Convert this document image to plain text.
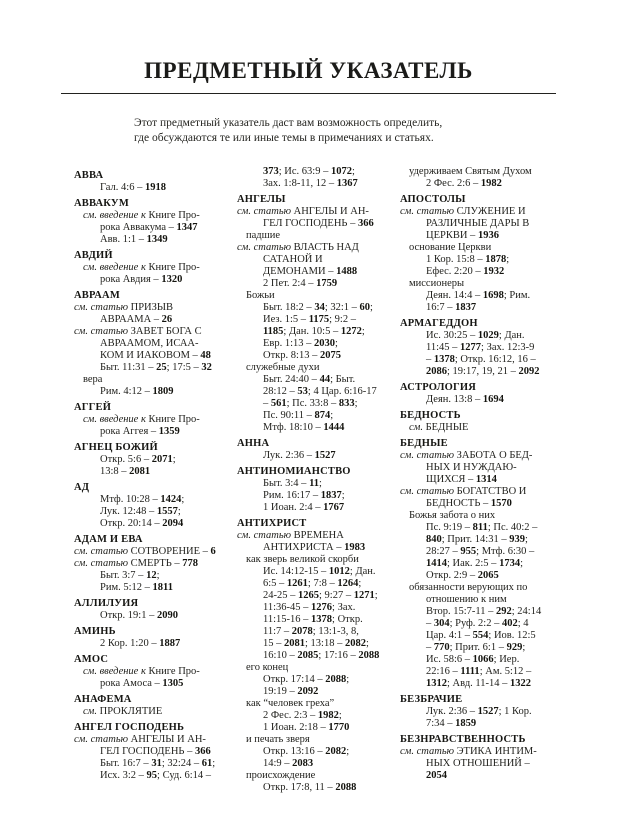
ПРЕДМЕТНЫЙ УКАЗАТЕЛЬ

Этот предметный указатель даст вам возможность определить,

где обсуждаются те или иные темы в примечаниях и статьях.

АВВА
Гал. 4:6 – 1918
АВВАКУМ
см. введение к Книге Про-
рока Аввакума – 1347
Авв. 1:1 – 1349
АВДИЙ
см. введение к Книге Про-
рока Авдия – 1320
АВРААМ
см. статью ПРИЗЫВ
АВРААМА – 26
см. статью ЗАВЕТ БОГА С
АВРААМОМ, ИСАА-
КОМ И ИАКОВОМ – 48
Быт. 11:31 – 25; 17:5 – 32
вера
Рим. 4:12 – 1809
АГГЕЙ
см. введение к Книге Про-
рока Аггея – 1359
АГНЕЦ БОЖИЙ
Откр. 5:6 – 2071;
13:8 – 2081
АД
Мтф. 10:28 – 1424;
Лук. 12:48 – 1557;
Откр. 20:14 – 2094
АДАМ И ЕВА
см. статью СОТВОРЕНИЕ – 6
см. статью СМЕРТЬ – 778
Быт. 3:7 – 12;
Рим. 5:12 – 1811
АЛЛИЛУИЯ
Откр. 19:1 – 2090
АМИНЬ
2 Кор. 1:20 – 1887
АМОС
см. введение к Книге Про-
рока Амоса – 1305
АНАФЕМА
см. ПРОКЛЯТИЕ
АНГЕЛ ГОСПОДЕНЬ
см. статью АНГЕЛЫ И АН-
ГЕЛ ГОСПОДЕНЬ – 366
Быт. 16:7 – 31; 32:24 – 61;
Исх. 3:2 – 95; Суд. 6:14 –
373; Ис. 63:9 – 1072;
Зах. 1:8-11, 12 – 1367
АНГЕЛЫ
см. статью АНГЕЛЫ И АН-
ГЕЛ ГОСПОДЕНЬ – 366
падшие
см. статью ВЛАСТЬ НАД
САТАНОЙ И
ДЕМОНАМИ – 1488
2 Пет. 2:4 – 1759
Божьи
Быт. 18:2 – 34; 32:1 – 60;
Иез. 1:5 – 1175; 9:2 –
1185; Дан. 10:5 – 1272;
Евр. 1:13 – 2030;
Откр. 8:13 – 2075
служебные духи
Быт. 24:40 – 44; Быт.
28:12 – 53; 4 Цар. 6:16-17
– 561; Пс. 33:8 – 833;
Пс. 90:11 – 874;
Мтф. 18:10 – 1444
АННА
Лук. 2:36 – 1527
АНТИНОМИАНСТВО
Быт. 3:4 – 11;
Рим. 16:17 – 1837;
1 Иоан. 2:4 – 1767
АНТИХРИСТ
см. статью ВРЕМЕНА
АНТИХРИСТА – 1983
как зверь великой скорби
Ис. 14:12-15 – 1012; Дан.
6:5 – 1261; 7:8 – 1264;
24-25 – 1265; 9:27 – 1271;
11:36-45 – 1276; Зах.
11:15-16 – 1378; Откр.
11:7 – 2078; 13:1-3, 8,
15 – 2081; 13:18 – 2082;
16:10 – 2085; 17:16 – 2088
его конец
Откр. 17:14 – 2088;
19:19 – 2092
как “человек греха”
2 Фес. 2:3 – 1982;
1 Иоан. 2:18 – 1770
и печать зверя
Откр. 13:16 – 2082;
14:9 – 2083
происхождение
Откр. 17:8, 11 – 2088
удерживаем Святым Духом
2 Фес. 2:6 – 1982
АПОСТОЛЫ
см. статью СЛУЖЕНИЕ И
РАЗЛИЧНЫЕ ДАРЫ В
ЦЕРКВИ – 1936
основание Церкви
1 Кор. 15:8 – 1878;
Ефес. 2:20 – 1932
миссионеры
Деян. 14:4 – 1698; Рим.
16:7 – 1837
АРМАГЕДДОН
Ис. 30:25 – 1029; Дан.
11:45 – 1277; Зах. 12:3-9
– 1378; Откр. 16:12, 16 –
2086; 19:17, 19, 21 – 2092
АСТРОЛОГИЯ
Деян. 13:8 – 1694
БЕДНОСТЬ
см. БЕДНЫЕ
БЕДНЫЕ
см. статью ЗАБОТА О БЕД-
НЫХ И НУЖДАЮ-
ЩИХСЯ – 1314
см. статью БОГАТСТВО И
БЕДНОСТЬ – 1570
Божья забота о них
Пс. 9:19 – 811; Пс. 40:2 –
840; Прит. 14:31 – 939;
28:27 – 955; Мтф. 6:30 –
1414; Иак. 2:5 – 1734;
Откр. 2:9 – 2065
обязанности верующих по
отношению к ним
Втор. 15:7-11 – 292; 24:14
– 304; Руф. 2:2 – 402; 4
Цар. 4:1 – 554; Иов. 12:5
– 770; Прит. 6:1 – 929;
Ис. 58:6 – 1066; Иер.
22:16 – 1111; Ам. 5:12 –
1312; Авд. 11-14 – 1322
БЕЗБРАЧИЕ
Лук. 2:36 – 1527; 1 Кор.
7:34 – 1859
БЕЗНРАВСТВЕННОСТЬ
см. статью ЭТИКА ИНТИМ-
НЫХ ОТНОШЕНИЙ –
2054
